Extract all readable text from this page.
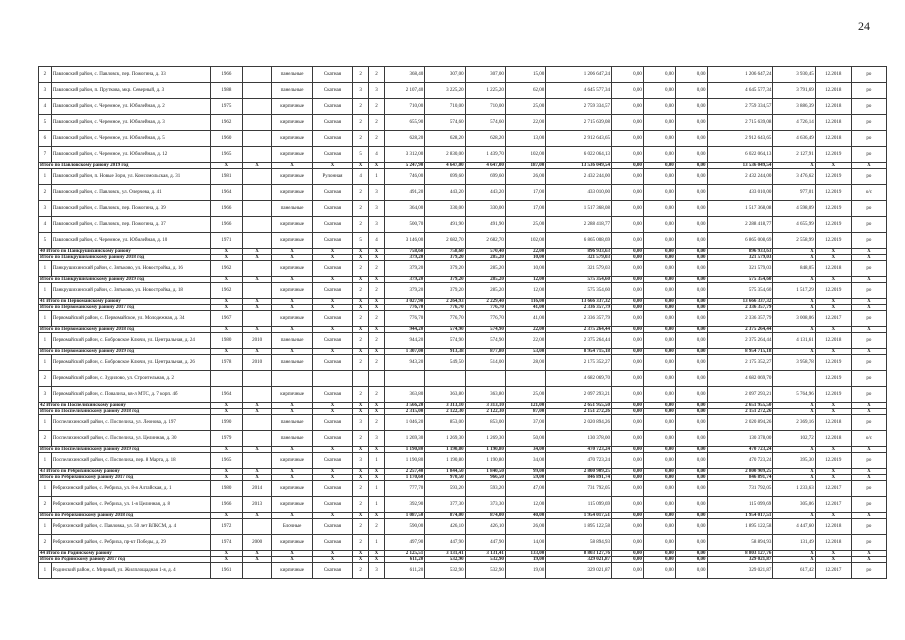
24
2	Павловский район, с. Павловск, пер. Пожогина, д. 33	1966		панельные	Скатная	2	2	368,40	307,00	307,00	15,00	1 206 647,24	0,00	0,00	0,00	1 206 647,24	3 930,45	12.2018	ро
3	Павловский район, п. Пруткова, мкр. Северный, д. 3	1988		панельные	Скатная	3	3	2 107,40	3 225,20	1 225,20	62,00	4 645 577,34	0,00	0,00	0,00	4 645 577,34	3 791,69	12.2018	ро
4	Павловский район, с. Черемное, ул. Юбилейная, д. 2	1975		кирпичные	Скатная	2	2	710,00	710,00	710,00	25,00	2 759 334,57	0,00	0,00	0,00	2 759 334,57	3 886,39	12.2018	ро
5	Павловский район, с. Черемное, ул. Юбилейная, д. 3	1962		кирпичные	Скатная	2	2	655,90	574,60	574,60	22,00	2 715 639,08	0,00	0,00	0,00	2 715 639,08	4 726,14	12.2018	ро
6	Павловский район, с. Черемное, ул. Юбилейная, д. 5	1960		кирпичные	Скатная	2	2	628,20	628,20	628,20	13,00	2 912 643,65	0,00	0,00	0,00	2 912 643,65	4 636,49	12.2018	ро
7	Павловский район, с. Черемное, ул. Юбилейная, д. 12	1965		кирпичные	Скатная	5	4	3 312,00	2 830,00	1 439,70	102,00	6 022 064,13	0,00	0,00	0,00	6 022 064,13	2 127,91	12.2019	ро
Итого по Павловскому району 2019 год		X	X	X	X	X	X	5 247,90	4 647,00	4 647,00	187,00	13 536 049,54	0,00	0,00	0,00	13 536 049,54	X	X	X
1	Павловский район, п. Новые Зори, ул. Комсомольская, д. 31	1981		кирпичные	Рулонная	4	1	746,00	699,60	699,60	26,00	2 432 244,00	0,00	0,00	0,00	2 432 244,00	3 476,62	12.2019	ро
2	Павловский район, с. Павловск, ул. Олерчева, д. 41	1964		кирпичные	Скатная	2	3	491,20	443,20	443,20	17,00	433 010,00	0,00	0,00	0,00	433 010,00	977,01	12.2019	о/с
3	Павловский район, с. Павловск, пер. Пожогина, д. 39	1966		панельные	Скатная	2	3	364,00	330,00	330,00	17,00	1 517 368,08	0,00	0,00	0,00	1 517 368,08	4 598,09	12.2019	ро
4	Павловский район, с. Павловск, пер. Пожогина, д. 37	1966		кирпичные	Скатная	2	3	500,70	491,90	491,90	25,00	2 288 418,77	0,00	0,00	0,00	2 288 418,77	4 655,99	12.2019	ро
5	Павловский район, с. Черемное, ул. Юбилейная, д. 10	1971		кирпичные	Скатная	5	4	3 146,00	2 682,70	2 682,70	102,00	6 865 008,69	0,00	0,00	0,00	6 865 008,69	2 558,99	12.2019	ро
40 Итого по Панкрушихинскому району		X	X	X	X	X	X	758,60	758,60	570,40	22,00	896 933,63	0,00	0,00	0,00	896 933,63	X	X	X
Итого по Панкрушихинскому району 2018 год		X	X	X	X	X	X	379,20	379,20	285,20	10,00	321 579,03	0,00	0,00	0,00	321 579,03	X	X	X
1	Панкрушихинский район, с. Зятьково, ул. Новостройка, д. 16	1962		кирпичные	Скатная	2	2	379,20	379,20	285,20	10,00	321 579,03	0,00	0,00	0,00	321 579,03	848,05	12.2018	ро
Итого по Панкрушихинскому району 2019 год		X	X	X	X	X	X	379,20	379,20	285,20	12,00	575 354,60	0,00	0,00	0,00	575 354,60	X	X	X
1	Панкрушихинский район, с. Зятьково, ул. Новостройка, д. 18	1962		кирпичные	Скатная	2	2	379,20	379,20	285,20	12,00	575 354,60	0,00	0,00	0,00	575 354,60	1 517,29	12.2019	ро
41 Итого по Первомайскому району		X	X	X	X	X	X	3 027,90	2 264,93	2 229,40	116,00	13 666 337,32	0,00	0,00	0,00	13 666 337,32	X	X	X
Итого по Первомайскому району 2017 год		X	X	X	X	X	X	776,70	776,70	776,70	41,00	2 336 357,79	0,00	0,00	0,00	2 336 357,79	X	X	X
1	Первомайский район, с. Первомайское, ул. Молодежная, д. 34	1967		кирпичные	Скатная	2	2	776,70	776,70	776,70	41,00	2 336 357,79	0,00	0,00	0,00	2 336 357,79	3 008,06	12.2017	ро
Итого по Первомайскому району 2018 год		X	X	X	X	X	X	944,20	574,90	574,90	22,00	2 375 264,44	0,00	0,00	0,00	2 375 264,44	X	X	X
1	Первомайский район, с. Бобровское Ключи, ул. Центральная, д. 24	1980	2010	панельные	Скатная	2	2	944,20	574,90	574,90	22,00	2 375 264,44	0,00	0,00	0,00	2 375 264,44	4 131,61	12.2018	ро
Итого по Первомайскому району 2019 год		X	X	X	X	X	X	1 307,00	913,38	877,80	53,00	8 954 715,18	0,00	0,00	0,00	8 954 715,18	X	X	X
1	Первомайский район, с. Бобровское Ключи, ул. Центральная, д. 26	1978	2010	панельные	Скатная	2	2	943,20	549,50	514,00	28,00	2 175 352,27	0,00	0,00	0,00	2 175 352,27	3 958,78	12.2019	ро
2	Первомайский район, с. Зудилово, ул. Строительная, д. 2											4 682 069,70	0,00	0,00	0,00	4 682 069,70		12.2019	ро
3	Первомайский район, с. Повалиха, кв-л МТС, д. 7 корп. 4б	1964		кирпичные	Скатная	2	2	363,80	363,80	363,80	25,00	2 097 293,21	0,00	0,00	0,00	2 097 293,21	5 764,96	12.2019	ро
42 Итого по Поспелихинскому району		X	X	X	X	X	X	3 566,20	3 313,10	3 313,10	121,00	2 651 955,50	0,00	0,00	0,00	2 651 955,50	X	X	X
Итого по Поспелихинскому району 2018 год		X	X	X	X	X	X	2 315,00	2 122,30	2 122,30	87,00	2 151 272,26	0,00	0,00	0,00	2 151 272,26	X	X	X
1	Поспелихинский район, с. Поспелиха, ул. Леонова, д. 197	1990		панельные	Скатная	3	2	1 046,20	853,00	853,00	37,00	2 020 894,26	0,00	0,00	0,00	2 020 894,26	2 369,16	12.2018	ро
2	Поспелихинский район, с. Поспелиха, ул. Целинная, д. 30	1979		панельные	Скатная	2	3	1 269,30	1 269,30	1 269,30	50,00	130 378,00	0,00	0,00	0,00	130 378,00	102,72	12.2018	о/с
Итого по Поспелихинскому району 2019 год		X	X	X	X	X	X	1 190,80	1 190,80	1 190,80	34,00	470 723,24	0,00	0,00	0,00	470 723,24	X	X	X
1	Поспелихинский район, с. Поспелиха, пер. 8 Марта, д. 18	1965		кирпичные	Скатная	3	1	1 190,80	1 190,80	1 190,80	34,00	470 723,24	0,00	0,00	0,00	470 723,24	395,30	12.2019	ро
43 Итого по Ребрихинскому району		X	X	X	X	X	X	2 257,40	1 844,50	1 840,50	99,00	2 800 909,25	0,00	0,00	0,00	2 800 909,25	X	X	X
Итого по Ребрихинскому району 2017 год		X	X	X	X	X	X	1 170,60	970,50	966,50	59,00	846 891,74	0,00	0,00	0,00	846 891,74	X	X	X
1	Ребрихинский район, с. Ребриха, ул. 8-я Алтайская, д. 1	1980	2014	кирпичные	Скатная	2	1	777,70	593,20	593,20	47,00	731 792,05	0,00	0,00	0,00	731 792,05	1 233,63	12.2017	ро
2	Ребрихинский район, с. Ребриха, ул. 1-я Целинная, д. 8	1966	2013	кирпичные	Скатная	2	1	392,90	377,30	373,30	12,00	115 099,69	0,00	0,00	0,00	115 099,69	305,06	12.2017	ро
Итого по Ребрихинскому району 2018 год		X	X	X	X	X	X	1 087,50	874,00	874,00	40,00	1 954 017,51	0,00	0,00	0,00	1 954 017,51	X	X	X
1	Ребрихинский район, с. Павловка, ул. 50 лет ВЛКСМ, д. 4	1972		Блочные	Скатная	2	2	590,00	426,10	426,10	26,00	1 895 122,58	0,00	0,00	0,00	1 895 122,58	4 447,60	12.2018	ро
2	Ребрихинский район, с. Ребриха, пр-кт Победы, д. 29	1974	2000	кирпичные	Скатная	2	1	497,90	447,90	447,90	14,00	58 894,93	0,00	0,00	0,00	58 894,93	131,49	12.2018	ро
44 Итого по Родинскому району		X	X	X	X	X	X	2 125,51	3 131,41	3 131,41	133,00	8 803 127,76	0,00	0,00	0,00	8 803 127,76	X	X	X
Итого по Родинскому району 2017 год		X	X	X	X	X	X	611,20	532,90	532,90	19,00	329 021,87	0,00	0,00	0,00	329 021,87	X	X	X
1	Родинский район, с. Мирный, ул. Жилплощадная 1-я, д. 4	1961		кирпичные	Скатная	2	3	611,20	532,90	532,90	19,00	329 021,87	0,00	0,00	0,00	329 021,87	617,42	12.2017	ро
